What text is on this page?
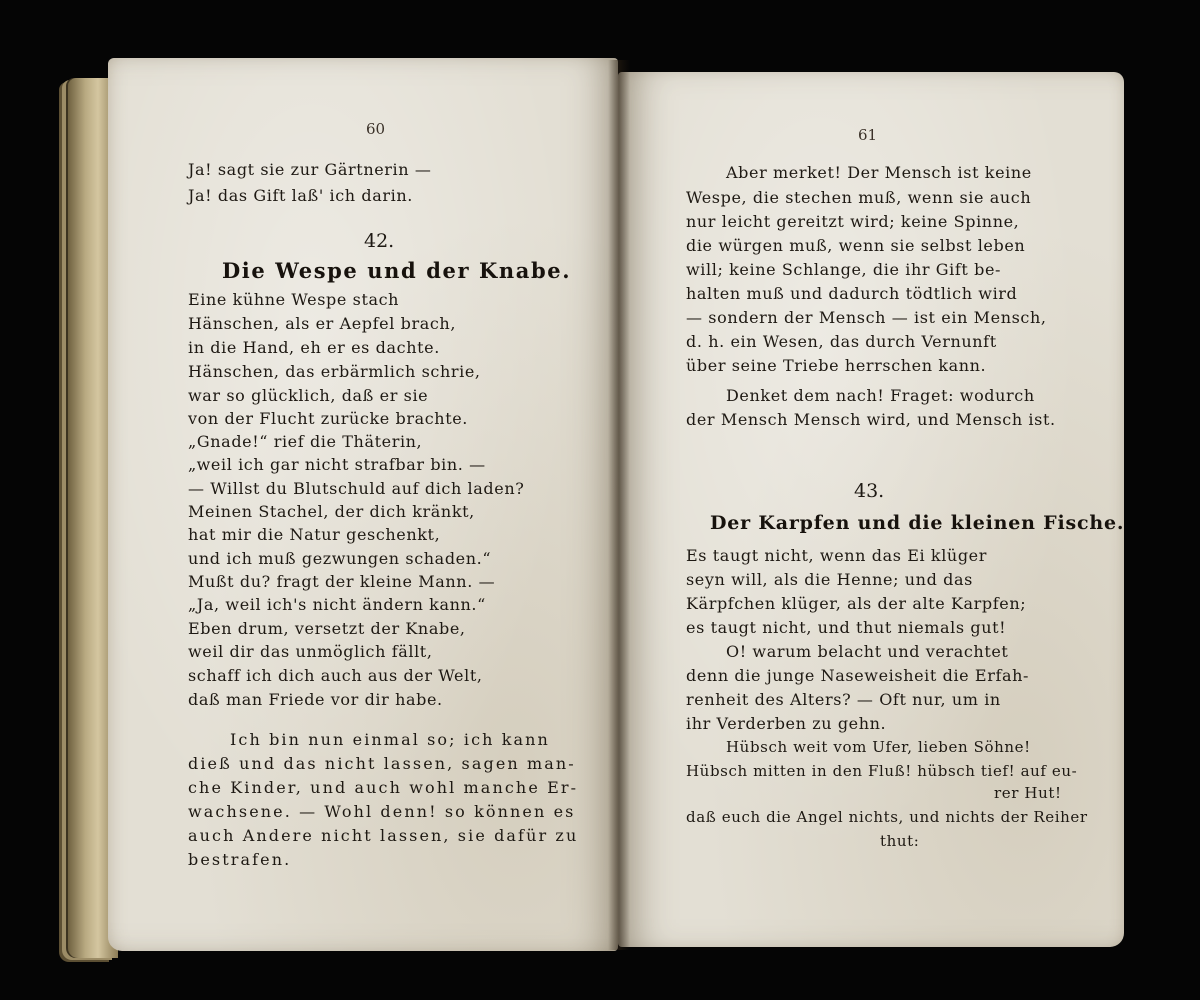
60
Ja! sagt sie zur Gärtnerin —
Ja! das Gift laß' ich darin.
42.
Die Wespe und der Knabe.
Eine kühne Wespe stach
Hänschen, als er Aepfel brach,
in die Hand, eh er es dachte.
Hänschen, das erbärmlich schrie,
war so glücklich, daß er sie
von der Flucht zurücke brachte.
„Gnade!“ rief die Thäterin,
„weil ich gar nicht strafbar bin. —
— Willst du Blutschuld auf dich laden?
Meinen Stachel, der dich kränkt,
hat mir die Natur geschenkt,
und ich muß gezwungen schaden.“
Mußt du? fragt der kleine Mann. —
„Ja, weil ich's nicht ändern kann.“
Eben drum, versetzt der Knabe,
weil dir das unmöglich fällt,
schaff ich dich auch aus der Welt,
daß man Friede vor dir habe.
Ich bin nun einmal so; ich kann
dieß und das nicht lassen, sagen man-
che Kinder, und auch wohl manche Er-
wachsene. — Wohl denn! so können es
auch Andere nicht lassen, sie dafür zu
bestrafen.
61
Aber merket! Der Mensch ist keine
Wespe, die stechen muß, wenn sie auch
nur leicht gereitzt wird; keine Spinne,
die würgen muß, wenn sie selbst leben
will; keine Schlange, die ihr Gift be-
halten muß und dadurch tödtlich wird
— sondern der Mensch — ist ein Mensch,
d. h. ein Wesen, das durch Vernunft
über seine Triebe herrschen kann.
Denket dem nach! Fraget: wodurch
der Mensch Mensch wird, und Mensch ist.
43.
Der Karpfen und die kleinen Fische.
Es taugt nicht, wenn das Ei klüger
seyn will, als die Henne; und das
Kärpfchen klüger, als der alte Karpfen;
es taugt nicht, und thut niemals gut!
O! warum belacht und verachtet
denn die junge Naseweisheit die Erfah-
renheit des Alters? — Oft nur, um in
ihr Verderben zu gehn.
Hübsch weit vom Ufer, lieben Söhne!
Hübsch mitten in den Fluß! hübsch tief! auf eu-
rer Hut!
daß euch die Angel nichts, und nichts der Reiher
thut:
